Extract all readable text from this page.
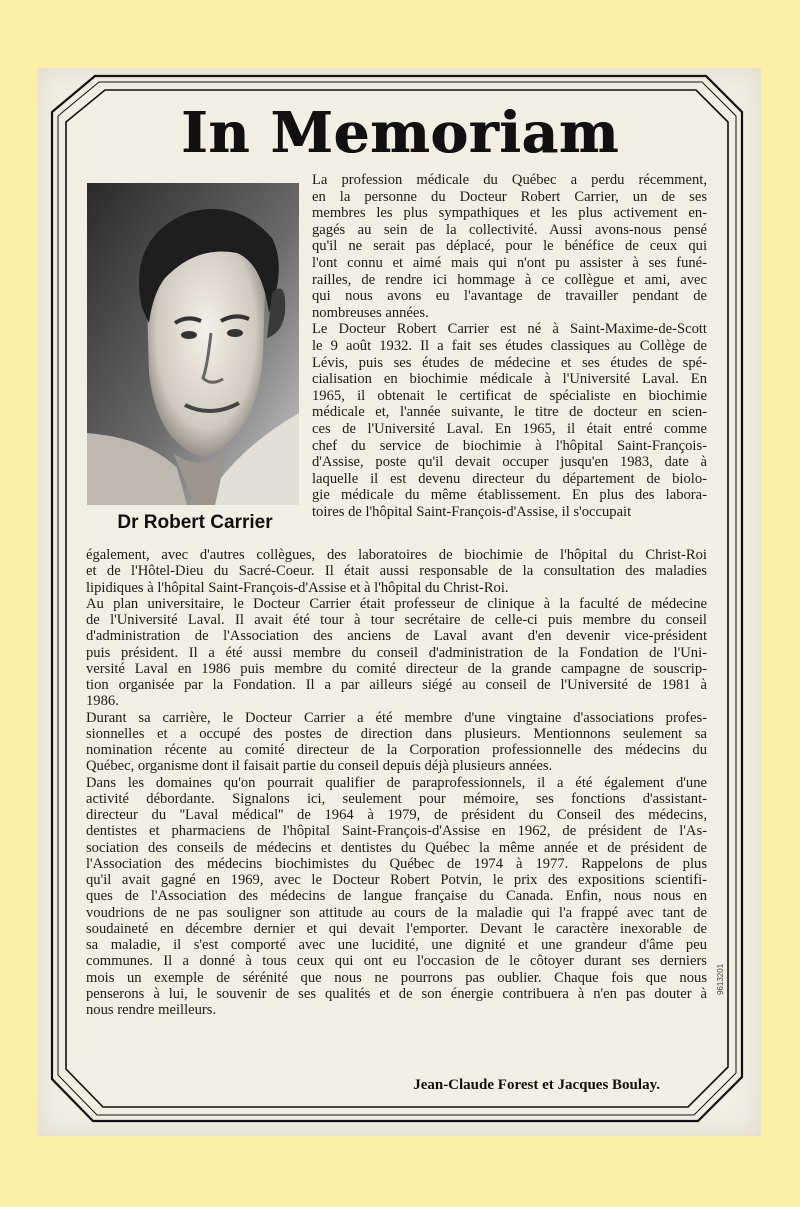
In Memoriam

Dr Robert Carrier

La profession médicale du Québec a perdu récemment,
en la personne du Docteur Robert Carrier, un de ses
membres les plus sympathiques et les plus activement en-
gagés au sein de la collectivité. Aussi avons-nous pensé
qu'il ne serait pas déplacé, pour le bénéfice de ceux qui
l'ont connu et aimé mais qui n'ont pu assister à ses funé-
railles, de rendre ici hommage à ce collègue et ami, avec
qui nous avons eu l'avantage de travailler pendant de
nombreuses années.
Le Docteur Robert Carrier est né à Saint-Maxime-de-Scott
le 9 août 1932. Il a fait ses études classiques au Collège de
Lévis, puis ses études de médecine et ses études de spé-
cialisation en biochimie médicale à l'Université Laval. En
1965, il obtenait le certificat de spécialiste en biochimie
médicale et, l'année suivante, le titre de docteur en scien-
ces de l'Université Laval. En 1965, il était entré comme
chef du service de biochimie à l'hôpital Saint-François-
d'Assise, poste qu'il devait occuper jusqu'en 1983, date à
laquelle il est devenu directeur du département de biolo-
gie médicale du même établissement. En plus des labora-
toires de l'hôpital Saint-François-d'Assise, il s'occupait
également, avec d'autres collègues, des laboratoires de biochimie de l'hôpital du Christ-Roi
et de l'Hôtel-Dieu du Sacré-Coeur. Il était aussi responsable de la consultation des maladies
lipidiques à l'hôpital Saint-François-d'Assise et à l'hôpital du Christ-Roi.
Au plan universitaire, le Docteur Carrier était professeur de clinique à la faculté de médecine
de l'Université Laval. Il avait été tour à tour secrétaire de celle-ci puis membre du conseil
d'administration de l'Association des anciens de Laval avant d'en devenir vice-président
puis président. Il a été aussi membre du conseil d'administration de la Fondation de l'Uni-
versité Laval en 1986 puis membre du comité directeur de la grande campagne de souscrip-
tion organisée par la Fondation. Il a par ailleurs siégé au conseil de l'Université de 1981 à
1986.
Durant sa carrière, le Docteur Carrier a été membre d'une vingtaine d'associations profes-
sionnelles et a occupé des postes de direction dans plusieurs. Mentionnons seulement sa
nomination récente au comité directeur de la Corporation professionnelle des médecins du
Québec, organisme dont il faisait partie du conseil depuis déjà plusieurs années.
Dans les domaines qu'on pourrait qualifier de paraprofessionnels, il a été également d'une
activité débordante. Signalons ici, seulement pour mémoire, ses fonctions d'assistant-
directeur du ''Laval médical'' de 1964 à 1979, de président du Conseil des médecins,
dentistes et pharmaciens de l'hôpital Saint-François-d'Assise en 1962, de président de l'As-
sociation des conseils de médecins et dentistes du Québec la même année et de président de
l'Association des médecins biochimistes du Québec de 1974 à 1977. Rappelons de plus
qu'il avait gagné en 1969, avec le Docteur Robert Potvin, le prix des expositions scientifi-
ques de l'Association des médecins de langue française du Canada. Enfin, nous nous en
voudrions de ne pas souligner son attitude au cours de la maladie qui l'a frappé avec tant de
soudaineté en décembre dernier et qui devait l'emporter. Devant le caractère inexorable de
sa maladie, il s'est comporté avec une lucidité, une dignité et une grandeur d'âme peu
communes. Il a donné à tous ceux qui ont eu l'occasion de le côtoyer durant ses derniers
mois un exemple de sérénité que nous ne pourrons pas oublier. Chaque fois que nous
penserons à lui, le souvenir de ses qualités et de son énergie contribuera à n'en pas douter à
nous rendre meilleurs.

Jean-Claude Forest et Jacques Boulay.

9613201
